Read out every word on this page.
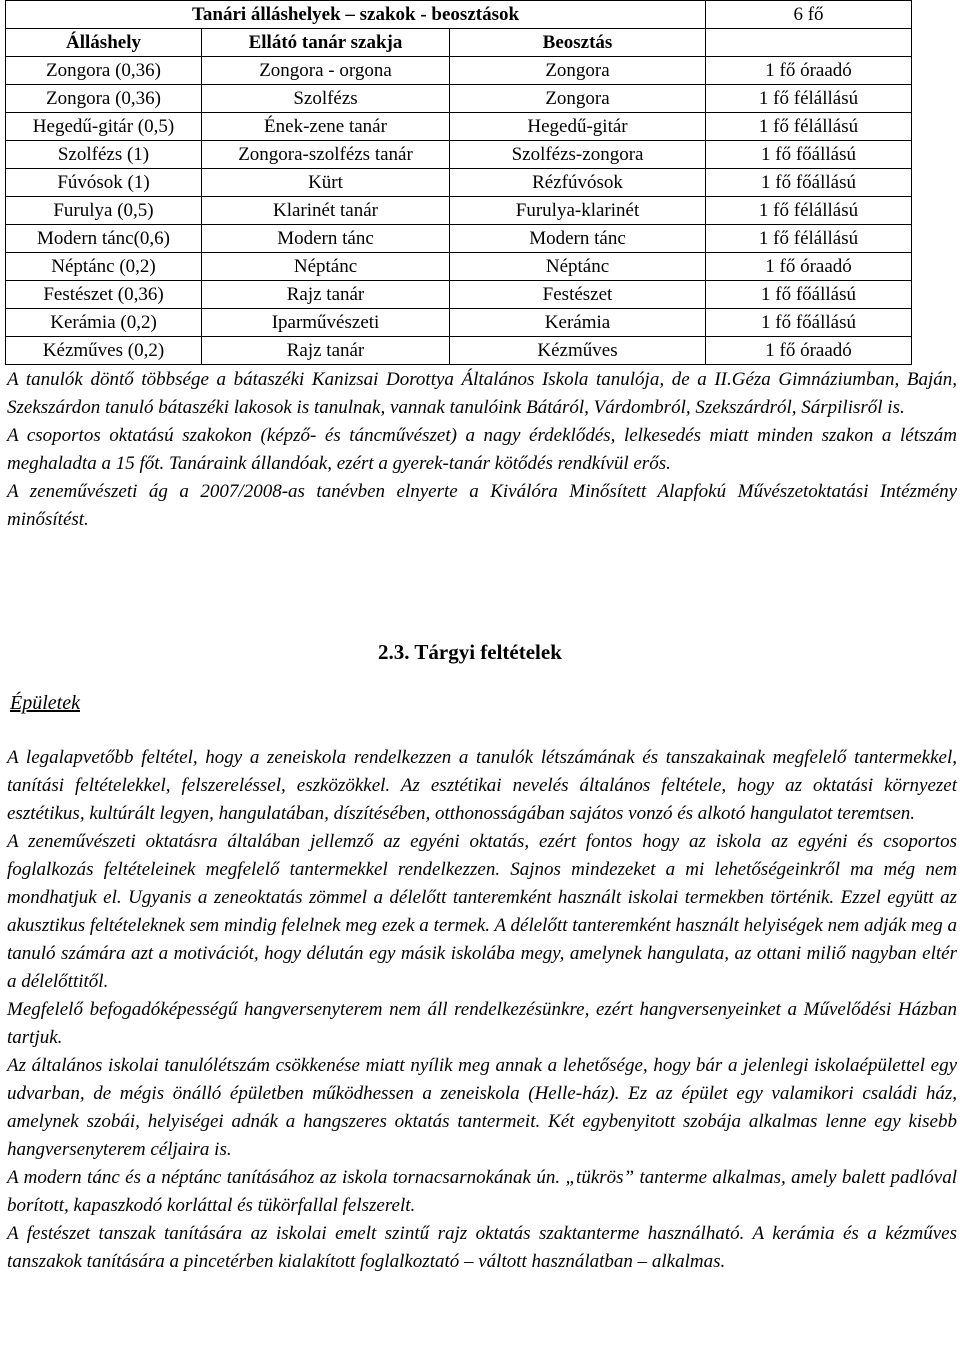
Tanári álláshelyek – szakok - beosztások			6 fő
Álláshely	Ellátó tanár szakja	Beosztás	
Zongora (0,36)	Zongora - orgona	Zongora	1 fő óraadó
Zongora (0,36)	Szolfézs	Zongora	1 fő félállású
Hegedű-gitár (0,5)	Ének-zene tanár	Hegedű-gitár	1 fő félállású
Szolfézs (1)	Zongora-szolfézs tanár	Szolfézs-zongora	1 fő főállású
Fúvósok (1)	Kürt	Rézfúvósok	1 fő főállású
Furulya (0,5)	Klarinét tanár	Furulya-klarinét	1 fő félállású
Modern tánc(0,6)	Modern tánc	Modern tánc	1 fő félállású
Néptánc (0,2)	Néptánc	Néptánc	1 fő óraadó
Festészet (0,36)	Rajz tanár	Festészet	1 fő főállású
Kerámia (0,2)	Iparművészeti	Kerámia	1 fő főállású
Kézműves (0,2)	Rajz tanár	Kézműves	1 fő óraadó

A tanulók döntő többsége a bátaszéki Kanizsai Dorottya Általános Iskola tanulója, de a II.Géza Gimnáziumban, Baján, Szekszárdon tanuló bátaszéki lakosok is tanulnak, vannak tanulóink Bátáról, Várdombról, Szekszárdról, Sárpilisről is.

A csoportos oktatású szakokon (képző- és táncművészet) a nagy érdeklődés, lelkesedés miatt minden szakon a létszám meghaladta a 15 főt. Tanáraink állandóak, ezért a gyerek-tanár kötődés rendkívül erős.

A zeneművészeti ág a 2007/2008-as tanévben elnyerte a Kiválóra Minősített Alapfokú Művészetoktatási Intézmény minősítést.

2.3. Tárgyi feltételek
Épületek

A legalapvetőbb feltétel, hogy a zeneiskola rendelkezzen a tanulók létszámának és tanszakainak megfelelő tantermekkel, tanítási feltételekkel, felszereléssel, eszközökkel. Az esztétikai nevelés általános feltétele, hogy az oktatási környezet esztétikus, kultúrált legyen, hangulatában, díszítésében, otthonosságában sajátos vonzó és alkotó hangulatot teremtsen.

A zeneművészeti oktatásra általában jellemző az egyéni oktatás, ezért fontos hogy az iskola az egyéni és csoportos foglalkozás feltételeinek megfelelő tantermekkel rendelkezzen. Sajnos mindezeket a mi lehetőségeinkről ma még nem mondhatjuk el. Ugyanis a zeneoktatás zömmel a délelőtt tanteremként használt iskolai termekben történik. Ezzel együtt az akusztikus feltételeknek sem mindig felelnek meg ezek a termek. A délelőtt tanteremként használt helyiségek nem adják meg a tanuló számára azt a motivációt, hogy délután egy másik iskolába megy, amelynek hangulata, az ottani miliő nagyban eltér a délelőttitől.

Megfelelő befogadóképességű hangversenyterem nem áll rendelkezésünkre, ezért hangversenyeinket a Művelődési Házban tartjuk.

Az általános iskolai tanulólétszám csökkenése miatt nyílik meg annak a lehetősége, hogy bár a jelenlegi iskolaépülettel egy udvarban, de mégis önálló épületben működhessen a zeneiskola (Helle-ház). Ez az épület egy valamikori családi ház, amelynek szobái, helyiségei adnák a hangszeres oktatás tantermeit. Két egybenyitott szobája alkalmas lenne egy kisebb hangversenyterem céljaira is.

A modern tánc és a néptánc tanításához az iskola tornacsarnokának ún. „tükrös” tanterme alkalmas, amely balett padlóval borított, kapaszkodó korláttal és tükörfallal felszerelt.

A festészet tanszak tanítására az iskolai emelt szintű rajz oktatás szaktanterme használható. A kerámia és a kézműves tanszakok tanítására a pincetérben kialakított foglalkoztató – váltott használatban – alkalmas.
